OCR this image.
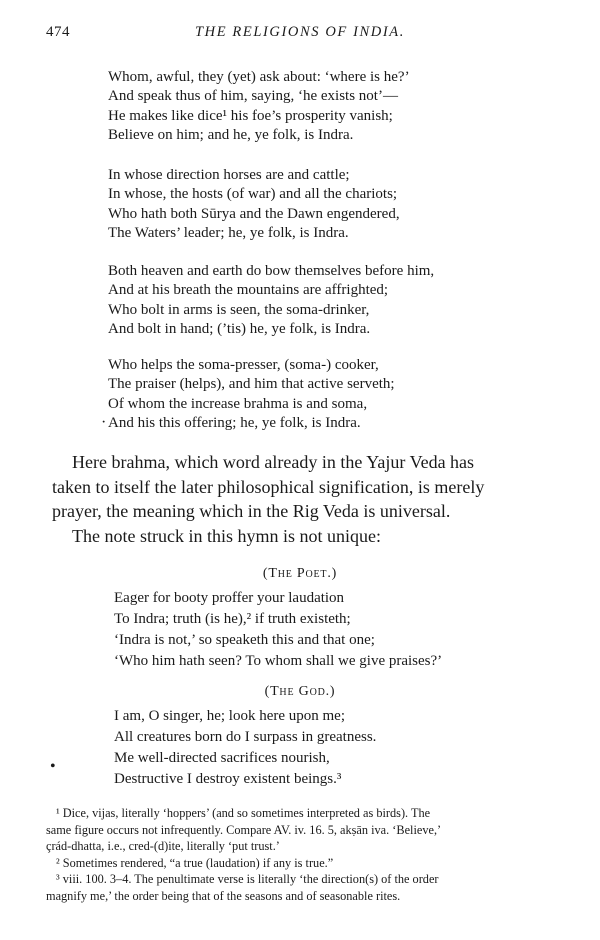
474	THE RELIGIONS OF INDIA.
Whom, awful, they (yet) ask about: ‘where is he?’
And speak thus of him, saying, ‘he exists not’—
He makes like dice¹ his foe’s prosperity vanish;
Believe on him; and he, ye folk, is Indra.
In whose direction horses are and cattle;
In whose, the hosts (of war) and all the chariots;
Who hath both Sūrya and the Dawn engendered,
The Waters’ leader; he, ye folk, is Indra.
Both heaven and earth do bow themselves before him,
And at his breath the mountains are affrighted;
Who bolt in arms is seen, the soma-drinker,
And bolt in hand; (’tis) he, ye folk, is Indra.
Who helps the soma-presser, (soma-) cooker,
The praiser (helps), and him that active serveth;
Of whom the increase brahma is and soma,
And his this offering; he, ye folk, is Indra.
·
Here brahma, which word already in the Yajur Veda has
taken to itself the later philosophical signification, is merely
prayer, the meaning which in the Rig Veda is universal.
The note struck in this hymn is not unique:
(The Poet.)
Eager for booty proffer your laudation
To Indra; truth (is he),² if truth existeth;
‘Indra is not,’ so speaketh this and that one;
‘Who him hath seen? To whom shall we give praises?’
(The God.)
I am, O singer, he; look here upon me;
All creatures born do I surpass in greatness.
Me well-directed sacrifices nourish,
Destructive I destroy existent beings.³
•
¹ Dice, vijas, literally ‘hoppers’ (and so sometimes interpreted as birds). The
same figure occurs not infrequently. Compare AV. iv. 16. 5, akṣān iva. ‘Believe,’
çrád-dhatta, i.e., cred-(d)ite, literally ‘put trust.’
² Sometimes rendered, “a true (laudation) if any is true.”
³ viii. 100. 3–4. The penultimate verse is literally ‘the direction(s) of the order
magnify me,’ the order being that of the seasons and of seasonable rites.
